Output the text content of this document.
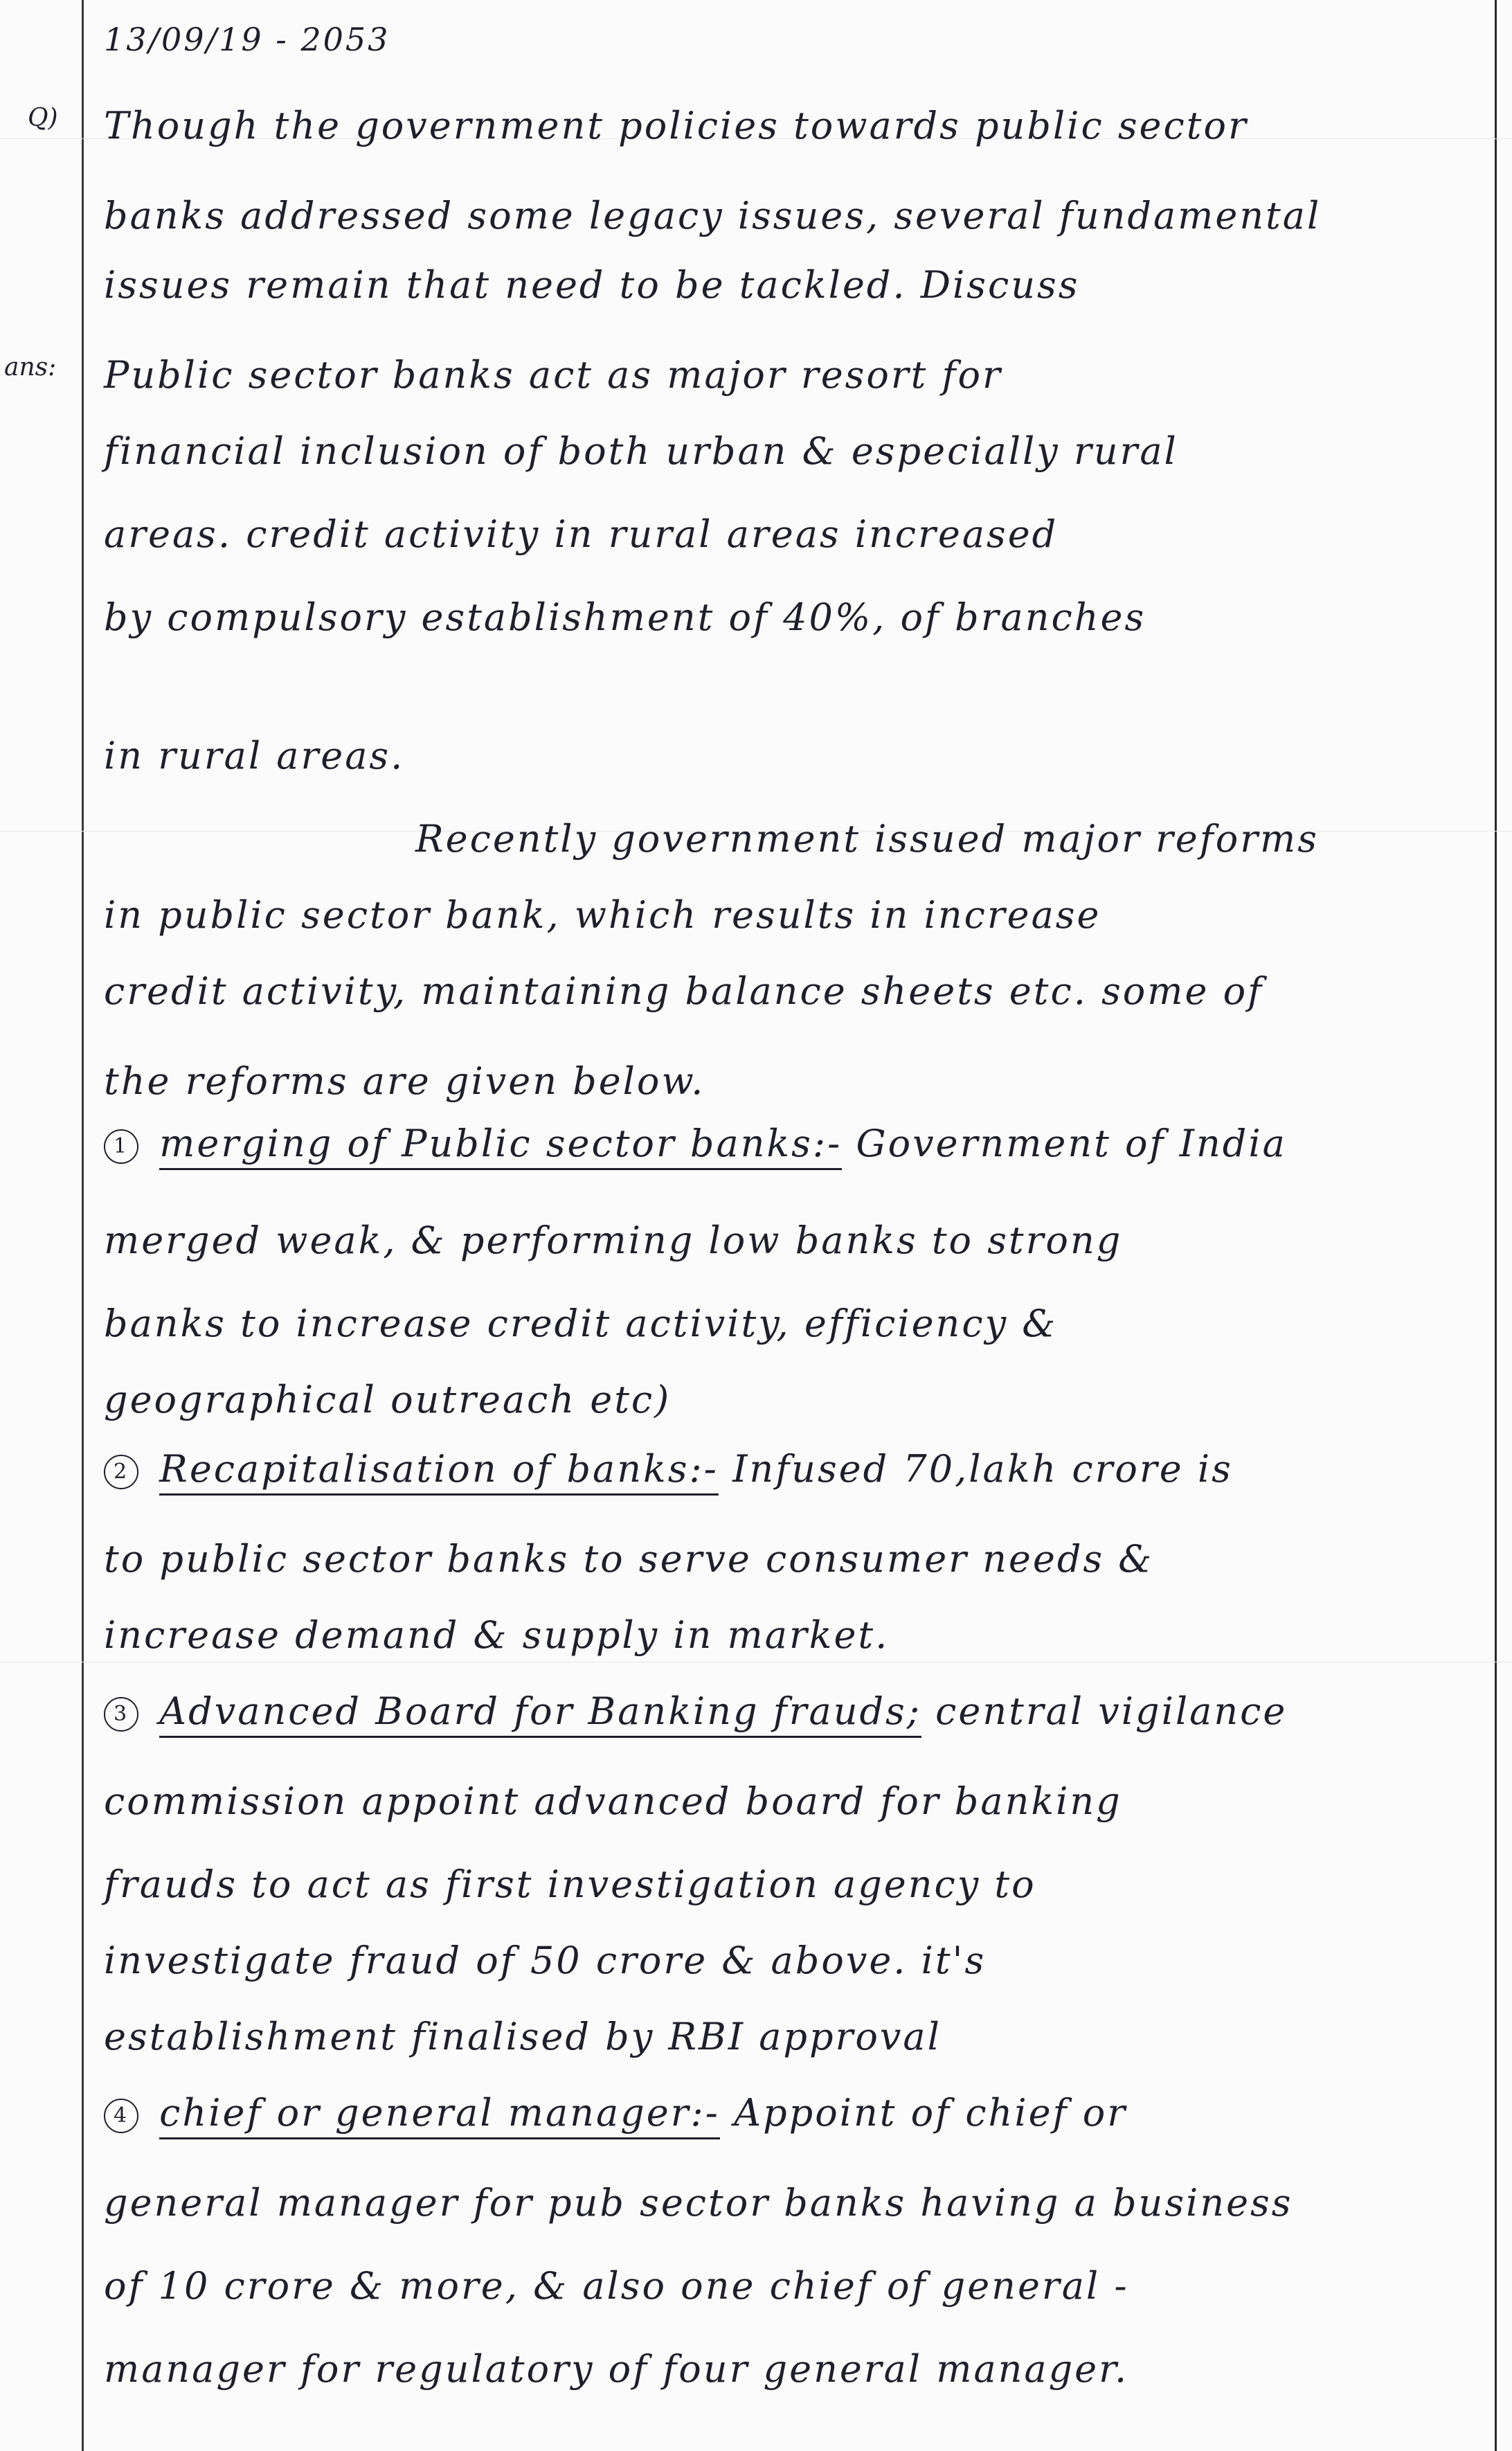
13/09/19 - 2053
Q)
ans:
Though the government policies towards public sector
banks addressed some legacy issues, several fundamental
issues remain that need to be tackled. Discuss
Public sector banks act as major resort for
financial inclusion of both urban & especially rural
areas. credit activity in rural areas increased
by compulsory establishment of 40%, of branches
in rural areas.
Recently government issued major reforms
in public sector bank, which results in increase
credit activity, maintaining balance sheets etc. some of
the reforms are given below.
1 merging of Public sector banks:- Government of India
merged weak, & performing low banks to strong
banks to increase credit activity, efficiency &
geographical outreach etc)
2 Recapitalisation of banks:- Infused 70,lakh crore is
to public sector banks to serve consumer needs &
increase demand & supply in market.
3 Advanced Board for Banking frauds; central vigilance
commission appoint advanced board for banking
frauds to act as first investigation agency to
investigate fraud of 50 crore & above. it's
establishment finalised by RBI approval
4 chief or general manager:- Appoint of chief or
general manager for pub sector banks having a business
of 10 crore & more, & also one chief of general -
manager for regulatory of four general manager.
